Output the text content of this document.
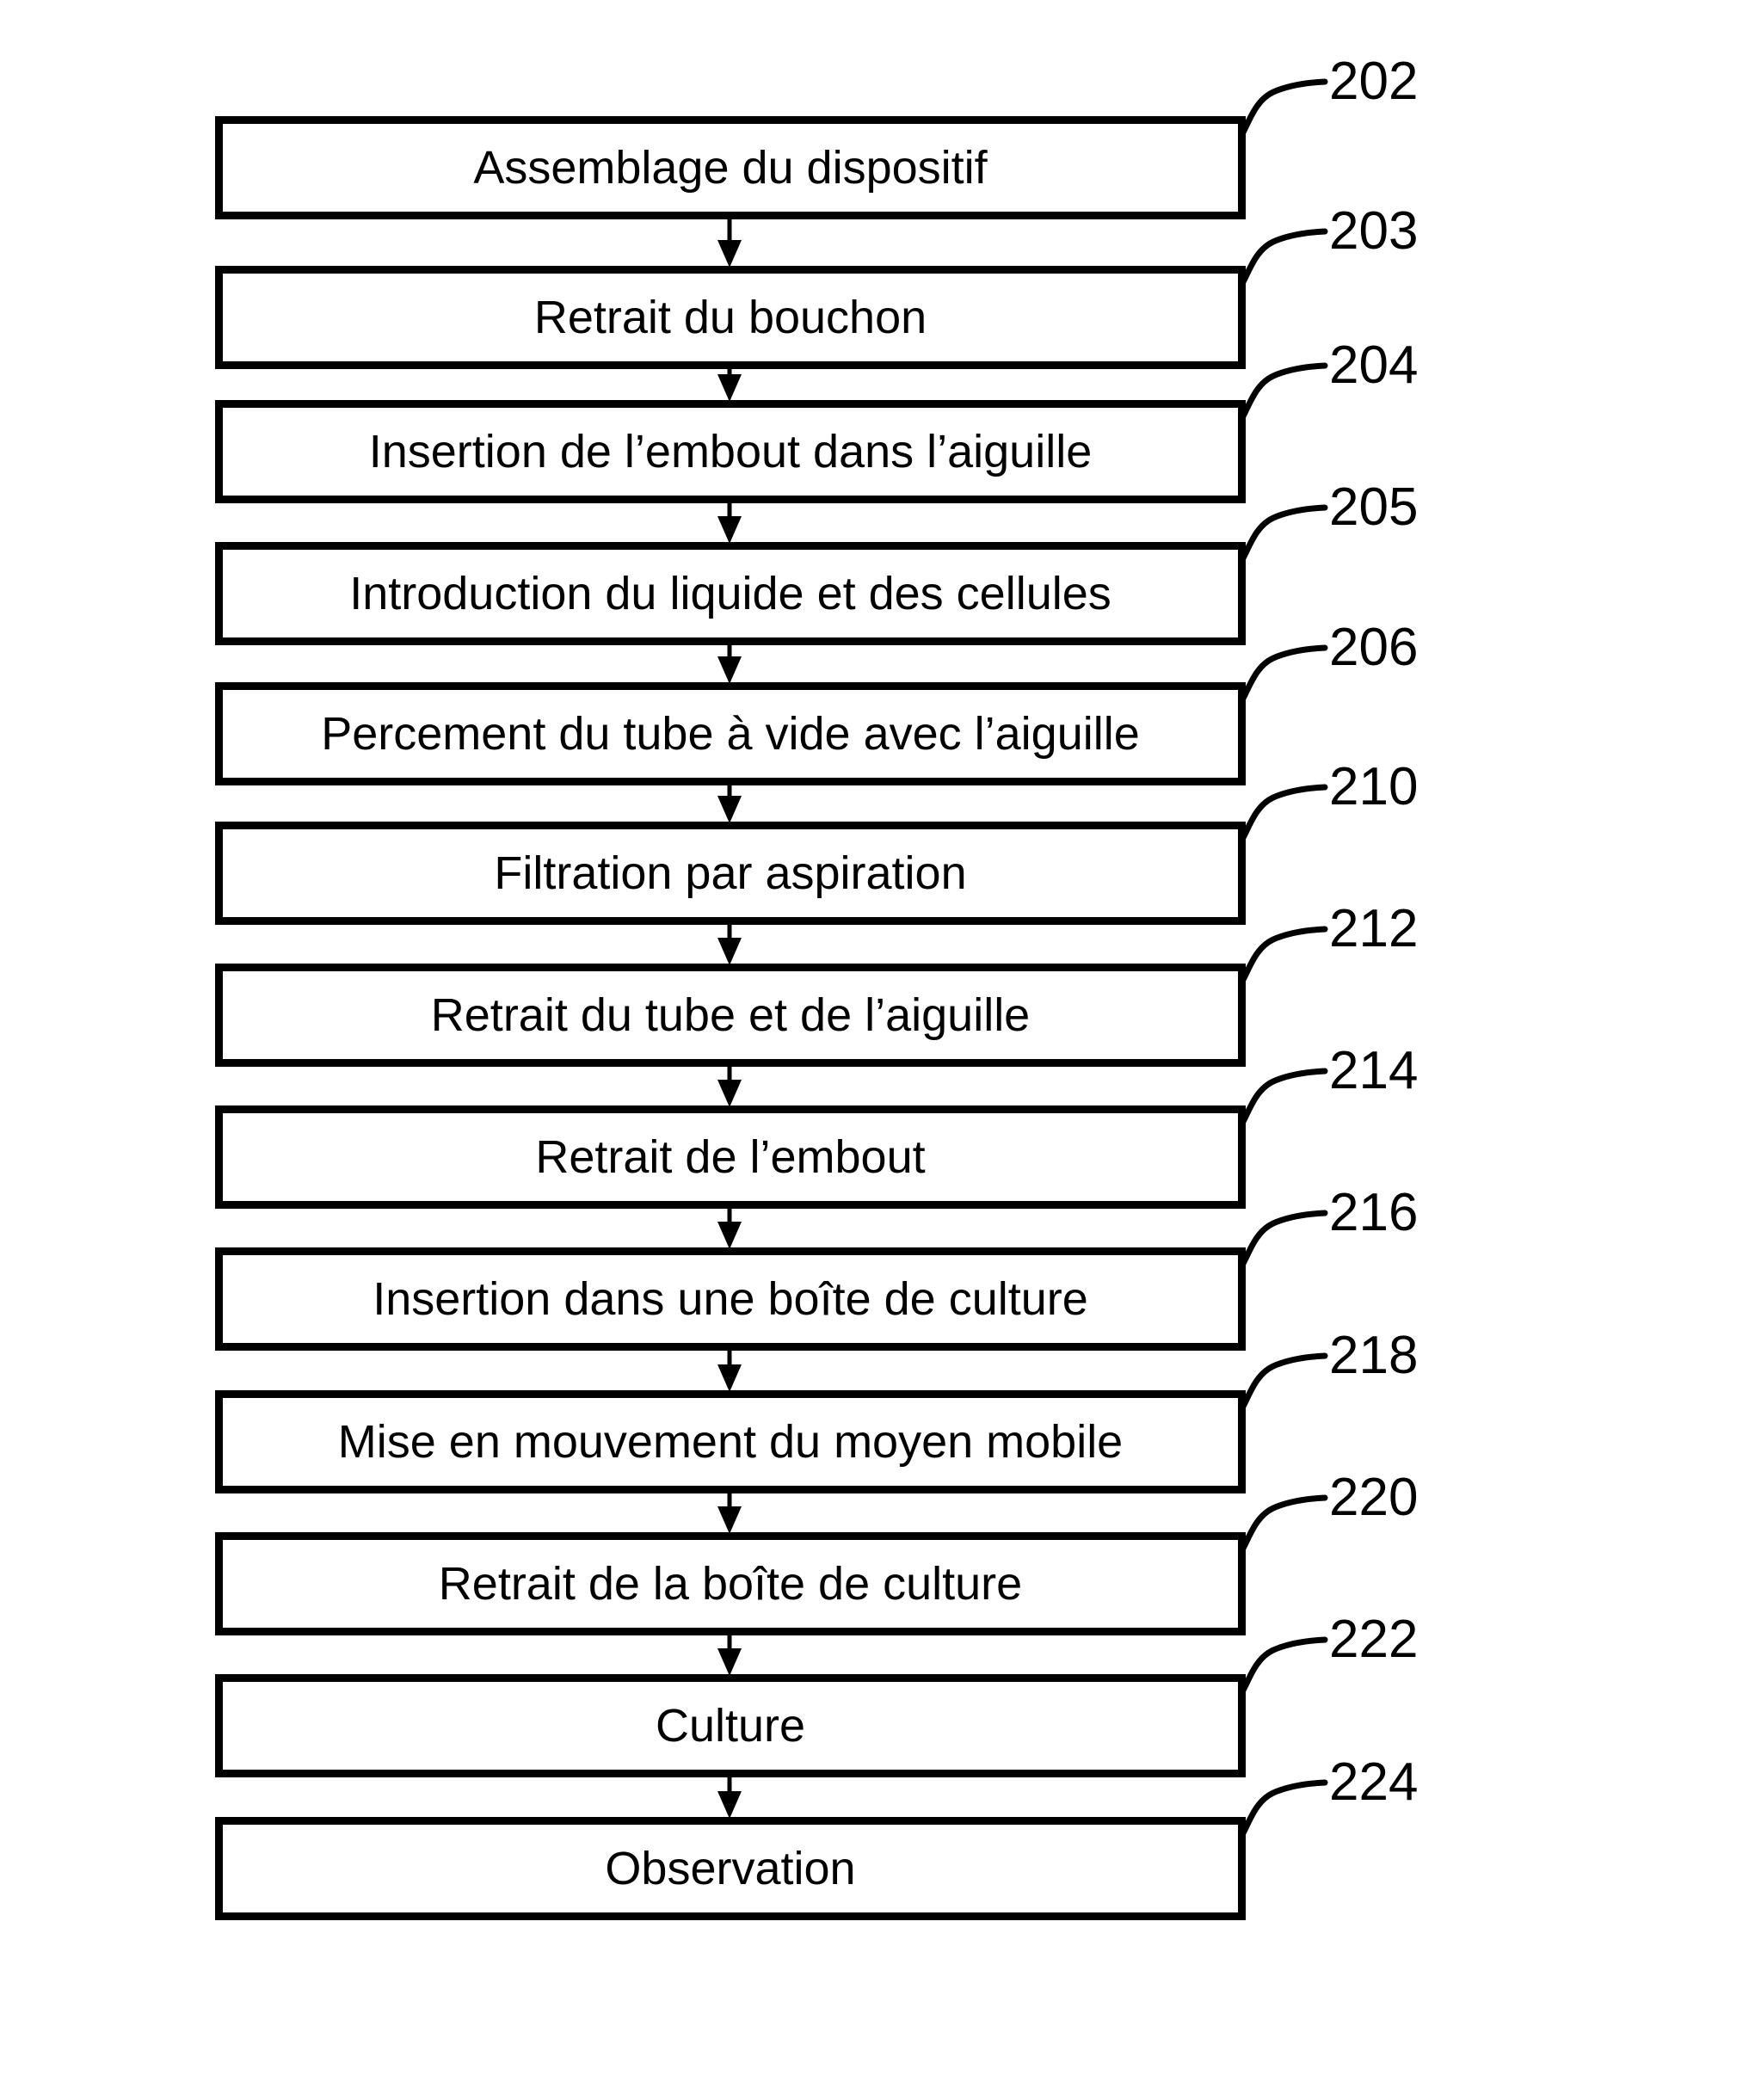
Assemblage du dispositif
202
Retrait du bouchon
203
Insertion de l’embout dans l’aiguille
204
Introduction du liquide et des cellules
205
Percement du tube à vide avec l’aiguille
206
Filtration par aspiration
210
Retrait du tube et de l’aiguille
212
Retrait de l’embout
214
Insertion dans une boîte de culture
216
Mise en mouvement du moyen mobile
218
Retrait de la boîte de culture
220
Culture
222
Observation
224
